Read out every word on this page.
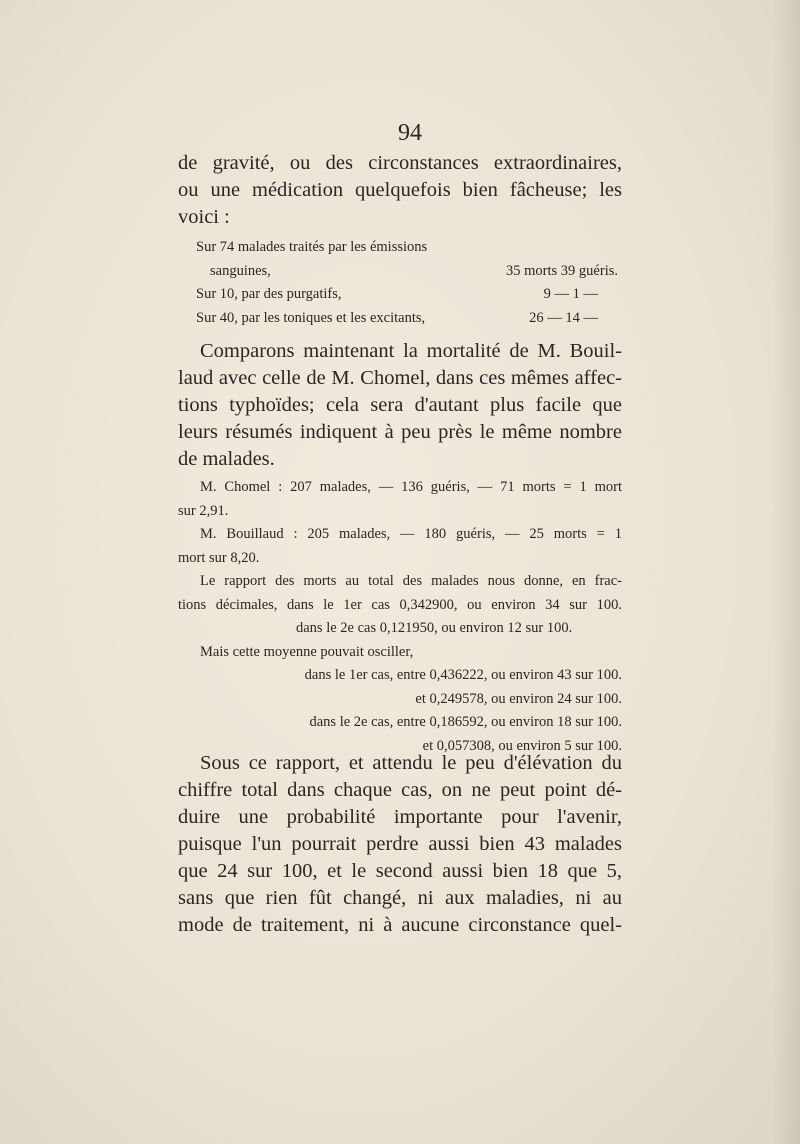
94

de gravité, ou des circonstances extraordinaires,
ou une médication quelquefois bien fâcheuse; les
voici :

Sur 74 malades traités par les émissions
sanguines,	35 morts 39 guéris.
Sur 10, par des purgatifs,	9 — 1 —
Sur 40, par les toniques et les excitants,	26 — 14 —

Comparons maintenant la mortalité de M. Bouil-
laud avec celle de M. Chomel, dans ces mêmes affec-
tions typhoïdes; cela sera d'autant plus facile que
leurs résumés indiquent à peu près le même nombre
de malades.

M. Chomel : 207 malades, — 136 guéris, — 71 morts = 1 mort
sur 2,91.
M. Bouillaud : 205 malades, — 180 guéris, — 25 morts = 1
mort sur 8,20.
Le rapport des morts au total des malades nous donne, en frac-
tions décimales, dans le 1er cas 0,342900, ou environ 34 sur 100.
dans le 2e cas 0,121950, ou environ 12 sur 100.
Mais cette moyenne pouvait osciller,
dans le 1er cas, entre 0,436222, ou environ 43 sur 100.
et 0,249578, ou environ 24 sur 100.
dans le 2e cas, entre 0,186592, ou environ 18 sur 100.
et 0,057308, ou environ 5 sur 100.

Sous ce rapport, et attendu le peu d'élévation du
chiffre total dans chaque cas, on ne peut point dé-
duire une probabilité importante pour l'avenir,
puisque l'un pourrait perdre aussi bien 43 malades
que 24 sur 100, et le second aussi bien 18 que 5,
sans que rien fût changé, ni aux maladies, ni au
mode de traitement, ni à aucune circonstance quel-
